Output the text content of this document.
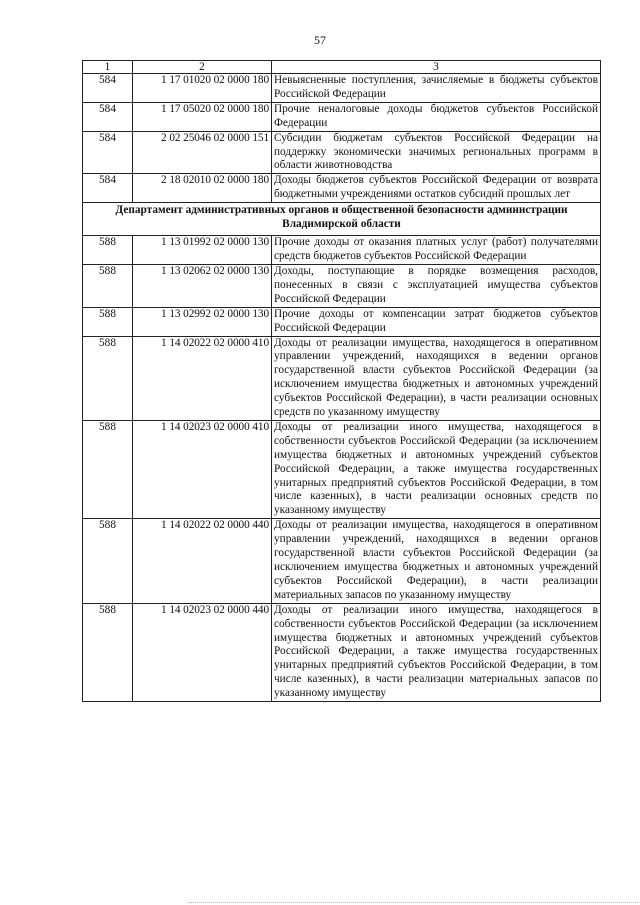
57
1	2	3
584	1 17 01020 02 0000 180	Невыясненные поступления, зачисляемые в бюджеты субъектов Российской Федерации
584	1 17 05020 02 0000 180	Прочие неналоговые доходы бюджетов субъектов Российской Федерации
584	2 02 25046 02 0000 151	Субсидии бюджетам субъектов Российской Федерации на поддержку экономически значимых региональных программ в области животноводства
584	2 18 02010 02 0000 180	Доходы бюджетов субъектов Российской Федерации от возврата бюджетными учреждениями остатков субсидий прошлых лет
Департамент административных органов и общественной безопасности администрации Владимирской области		
588	1 13 01992 02 0000 130	Прочие доходы от оказания платных услуг (работ) получателями средств бюджетов субъектов Российской Федерации
588	1 13 02062 02 0000 130	Доходы, поступающие в порядке возмещения расходов, понесенных в связи с эксплуатацией имущества субъектов Российской Федерации
588	1 13 02992 02 0000 130	Прочие доходы от компенсации затрат бюджетов субъектов Российской Федерации
588	1 14 02022 02 0000 410	Доходы от реализации имущества, находящегося в оперативном управлении учреждений, находящихся в ведении органов государственной власти субъектов Российской Федерации (за исключением имущества бюджетных и автономных учреждений субъектов Российской Федерации), в части реализации основных средств по указанному имуществу
588	1 14 02023 02 0000 410	Доходы от реализации иного имущества, находящегося в собственности субъектов Российской Федерации (за исключением имущества бюджетных и автономных учреждений субъектов Российской Федерации, а также имущества государственных унитарных предприятий субъектов Российской Федерации, в том числе казенных), в части реализации основных средств по указанному имуществу
588	1 14 02022 02 0000 440	Доходы от реализации имущества, находящегося в оперативном управлении учреждений, находящихся в ведении органов государственной власти субъектов Российской Федерации (за исключением имущества бюджетных и автономных учреждений субъектов Российской Федерации), в части реализации материальных запасов по указанному имуществу
588	1 14 02023 02 0000 440	Доходы от реализации иного имущества, находящегося в собственности субъектов Российской Федерации (за исключением имущества бюджетных и автономных учреждений субъектов Российской Федерации, а также имущества государственных унитарных предприятий субъектов Российской Федерации, в том числе казенных), в части реализации материальных запасов по указанному имуществу
